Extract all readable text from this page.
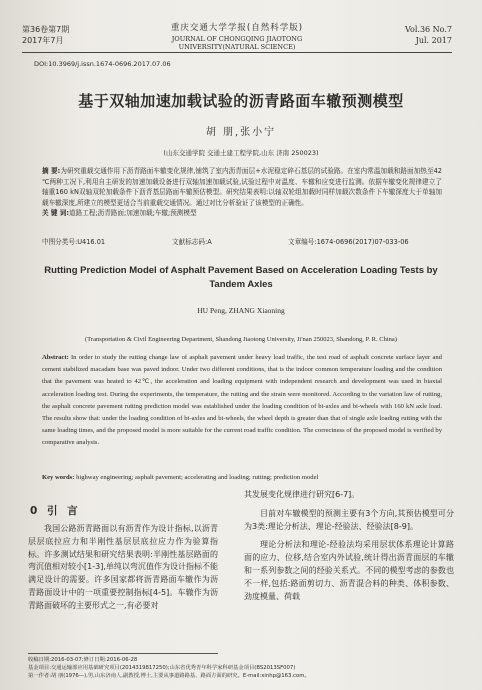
第36卷第7期
2017年7月
重庆交通大学学报(自然科学版)
JOURNAL OF CHONGQING JIAOTONG UNIVERSITY(NATURAL SCIENCE)
Vol.36 No.7
Jul. 2017
DOI:10.3969/j.issn.1674-0696.2017.07.06
基于双轴加速加载试验的沥青路面车辙预测模型
胡 朋,张小宁
(山东交通学院 交通土建工程学院,山东 济南 250023)
摘 要:为研究重载交通作用下沥青路面车辙变化规律,铺筑了室内沥青面层+水泥稳定碎石基层的试验路。在室内常温加载和路面加热至42 ℃两种工况下,利用自主研发的加速加载设备进行双轴加速加载试验,试验过程中对温度、车辙和应变进行监测。依据车辙变化规律建立了轴重160 kN双轴双轮加载条件下沥青基层路面车辙预估模型。研究结果表明:以轴双轮组加载时同样加载次数条件下车辙深度大于单轴加载车辙深度,所建立的模型更适合当前重载交通情况。通过对比分析验证了该模型的正确性。
关 键 词:道路工程;沥青路面;加速加载;车辙;预测模型
中图分类号:U416.01	文献标志码:A	文章编号:1674-0696(2017)07-033-06
Rutting Prediction Model of Asphalt Pavement Based on Acceleration Loading Tests by Tandem Axles
HU Peng, ZHANG Xiaoning
(Transportation & Civil Engineering Department, Shandong Jiaotong University, Ji'nan 250023, Shandong, P. R. China)
Abstract: In order to study the rutting change law of asphalt pavement under heavy load traffic, the test road of asphalt concrete surface layer and cement stabilized macadam base was paved indoor. Under two different conditions, that is the indoor common temperature loading and the condition that the pavement was heated to 42℃, the acceleration and loading equipment with independent research and development was used in biaxial acceleration loading test. During the experiments, the temperature, the rutting and the strain were monitored. According to the variation law of rutting, the asphalt concrete pavement rutting prediction model was established under the loading condition of bi-axles and bi-wheels with 160 kN axle load. The results show that: under the loading condition of bi-axles and bi-wheels, the wheel depth is greater than that of single axle loading rutting with the same loading times, and the proposed model is more suitable for the current road traffic condition. The correctness of the proposed model is verified by comparative analysis.
Key words: highway engineering; asphalt pavement; accelerating and loading; rutting; prediction model
0 引 言

我国公路沥青路面以有沥青作为设计指标,以沥青层层底拉应力和半刚性基层层底拉应力作为验算指标。许多测试结果和研究结果表明:半刚性基层路面的弯沉值相对较小[1-3],单纯以弯沉值作为设计指标不能满足设计的需要。许多国家都将沥青路面车辙作为沥青路面设计中的一项重要控制指标[4-5]。车辙作为沥青路面破坏的主要形式之一,有必要对

其发展变化规律进行研究[6-7]。

目前对车辙模型的预测主要有3个方向,其预估模型可分为3类:理论分析法、理论-经验法、经验法[8-9]。

理论分析法和理论-经验法均采用层状体系理论计算路面的应力、位移,结合室内外试验,统计得出沥青面层的车辙和一系列参数之间的经验关系式。不同的模型考虑的参数也不一样,包括:路面剪切力、沥青混合料的种类、体积参数、劲度模量、荷载

收稿日期:2016-03-07;修订日期:2016-06-28
基金项目:交通运输部应用基础研究项目(2014319817250);山东省优秀青年科学家科研基金项目(BS2013SF007)
第一作者:胡 朋(1976—),男,山东济南人,副教授,博士,主要从事道路路基、路面方面的研究。E-mail:xinhp@163.com。
